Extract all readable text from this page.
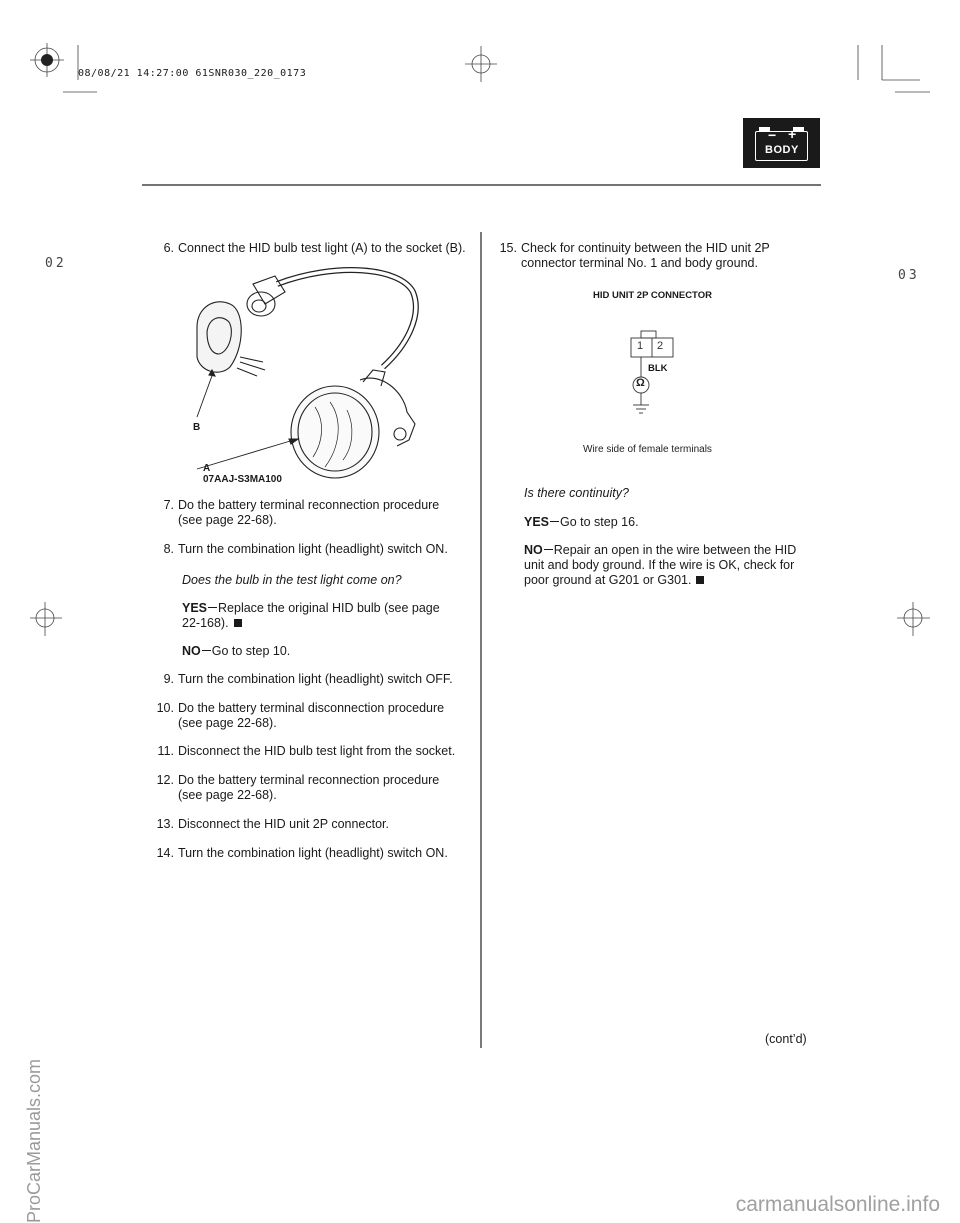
08/08/21 14:27:00 61SNR030_220_0173
− +
BODY
02
03
6. Connect the HID bulb test light (A) to the socket (B).
B
A
07AAJ-S3MA100
7. Do the battery terminal reconnection procedure
(see page 22-68).
8. Turn the combination light (headlight) switch ON.
Does the bulb in the test light come on?
YES Replace the original HID bulb (see page
22-168).
NO Go to step 10.
9. Turn the combination light (headlight) switch OFF.
10. Do the battery terminal disconnection procedure
(see page 22-68).
11. Disconnect the HID bulb test light from the socket.
12. Do the battery terminal reconnection procedure
(see page 22-68).
13. Disconnect the HID unit 2P connector.
14. Turn the combination light (headlight) switch ON.
15. Check for continuity between the HID unit 2P
connector terminal No. 1 and body ground.
HID UNIT 2P CONNECTOR
1 2
Ω
BLK
Wire side of female terminals
Is there continuity?
YES Go to step 16.
NO Repair an open in the wire between the HID
unit and body ground. If the wire is OK, check for
poor ground at G201 or G301.
(cont’d)
ProCarManuals.com	carmanualsonline.info
